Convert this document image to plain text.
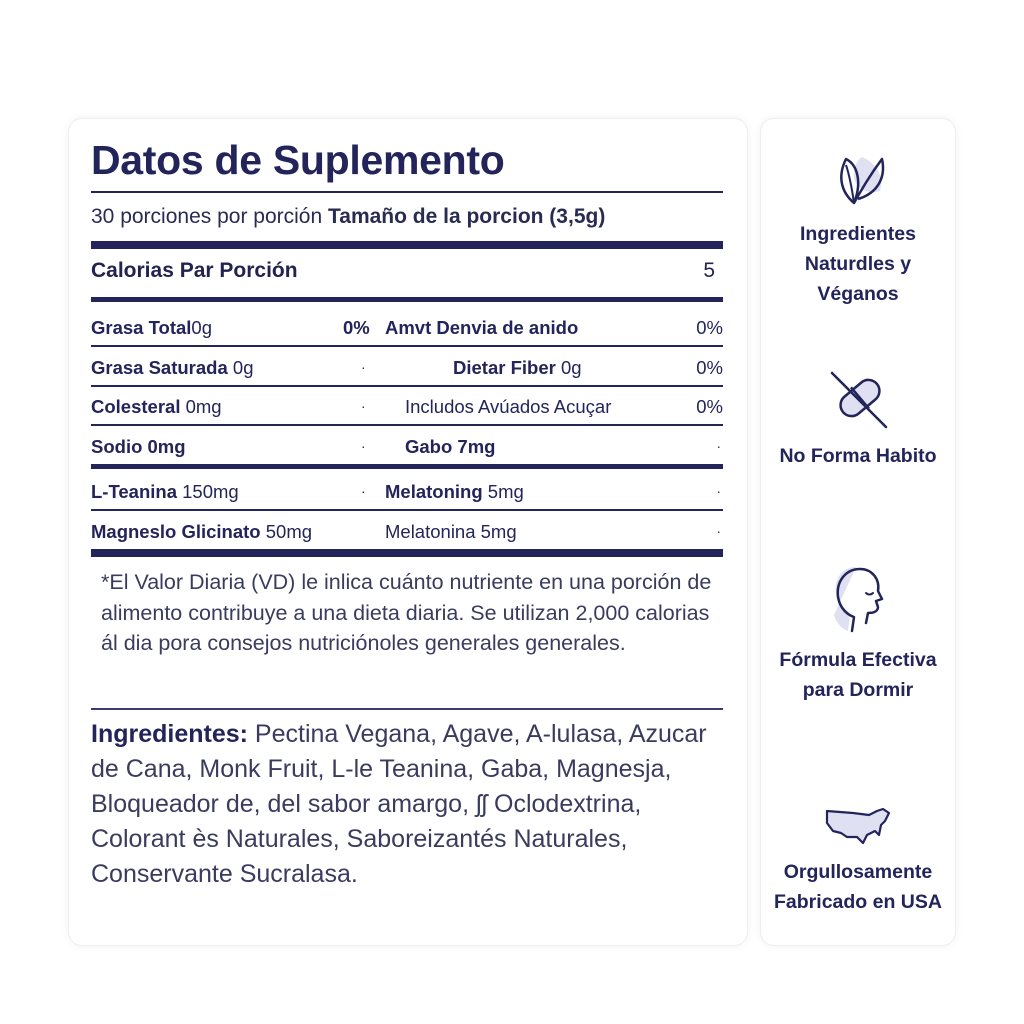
Datos de Suplemento
30 porciones por porción Tamaño de la porcion (3,5g)
Calorias Par Porción	5
Grasa Total0g	0% Amvt Denvia de anido	0%
Grasa Saturada 0g	·	Dietar Fiber 0g	0%
Colesteral 0mg	· Includos Avúados Acuçar	0%
Sodio 0mg	· Gabo 7mg	·
L-Teanina 150mg	· Melatoning 5mg	·
Magneslo Glicinato 50mg	Melatonina 5mg	·

*El Valor Diaria (VD) le inlica cuánto nutriente en una porción de alimento contribuye a una dieta diaria. Se utilizan 2,000 calorias ál dia pora consejos nutriciónoles generales generales.

Ingredientes: Pectina Vegana, Agave, A-lulasa, Azucar de Cana, Monk Fruit, L-le Teanina, Gaba, Magnesja, Bloqueador de, del sabor amargo, ʃʃ Oclodextrina, Colorant ès Naturales, Saboreizantés Naturales, Conservante Sucralasa.

Ingredientes Naturdles y Véganos
No Forma Habito
Fórmula Efectiva para Dormir
Orgullosamente Fabricado en USA
